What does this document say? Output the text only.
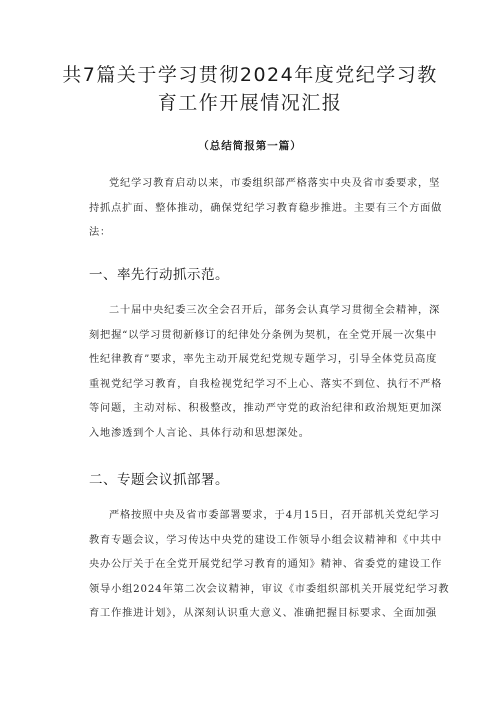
共7篇关于学习贯彻2024年度党纪学习教
育工作开展情况汇报
（总结简报第一篇）
党纪学习教育启动以来，市委组织部严格落实中央及省市委要求，坚
持抓点扩面、整体推动，确保党纪学习教育稳步推进。主要有三个方面做
法：
一、率先行动抓示范。
二十届中央纪委三次全会召开后，部务会认真学习贯彻全会精神，深
刻把握“以学习贯彻新修订的纪律处分条例为契机，在全党开展一次集中
性纪律教育”要求，率先主动开展党纪党规专题学习，引导全体党员高度
重视党纪学习教育，自我检视党纪学习不上心、落实不到位、执行不严格
等问题，主动对标、积极整改，推动严守党的政治纪律和政治规矩更加深
入地渗透到个人言论、具体行动和思想深处。
二、专题会议抓部署。
严格按照中央及省市委部署要求，于4月15日，召开部机关党纪学习
教育专题会议，学习传达中央党的建设工作领导小组会议精神和《中共中
央办公厅关于在全党开展党纪学习教育的通知》精神、省委党的建设工作
领导小组2024年第二次会议精神，审议《市委组织部机关开展党纪学习教
育工作推进计划》，从深刻认识重大意义、准确把握目标要求、全面加强
